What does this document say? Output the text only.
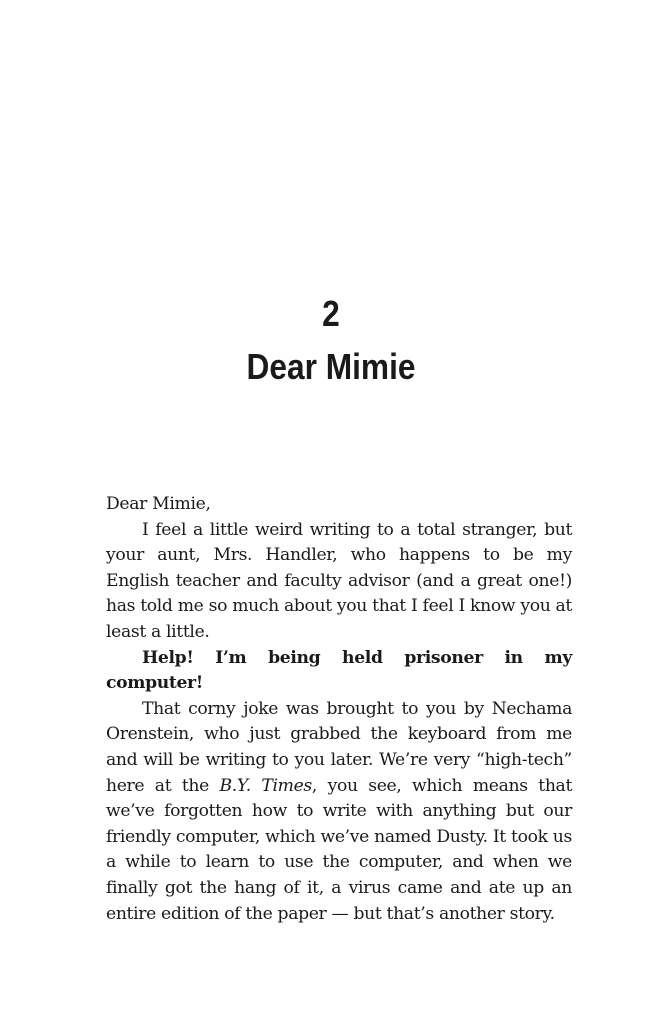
2
Dear Mimie

Dear Mimie,

I feel a little weird writing to a total stranger, but your aunt, Mrs. Handler, who happens to be my English teacher and faculty advisor (and a great one!) has told me so much about you that I feel I know you at least a little.

Help! I’m being held prisoner in my computer!

That corny joke was brought to you by Nechama Orenstein, who just grabbed the keyboard from me and will be writing to you later. We’re very “high-tech” here at the B.Y. Times, you see, which means that we’ve forgotten how to write with anything but our friendly computer, which we’ve named Dusty. It took us a while to learn to use the computer, and when we finally got the hang of it, a virus came and ate up an entire edition of the paper — but that’s another story.
